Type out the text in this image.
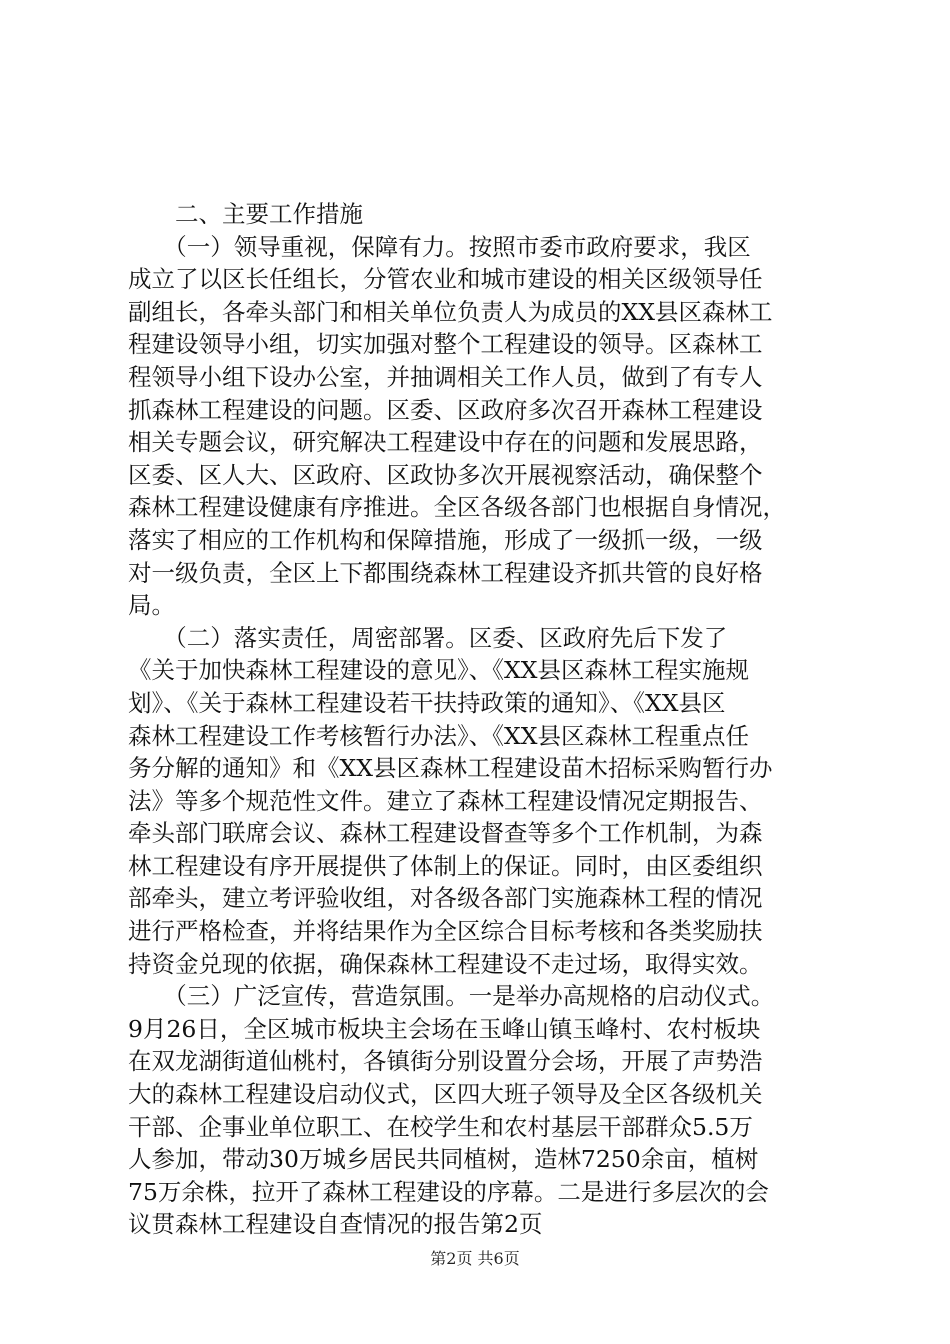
　　二、主要工作措施
　　（一）领导重视，保障有力。按照市委市政府要求，我区
成立了以区长任组长，分管农业和城市建设的相关区级领导任
副组长，各牵头部门和相关单位负责人为成员的XX县区森林工
程建设领导小组，切实加强对整个工程建设的领导。区森林工
程领导小组下设办公室，并抽调相关工作人员，做到了有专人
抓森林工程建设的问题。区委、区政府多次召开森林工程建设
相关专题会议，研究解决工程建设中存在的问题和发展思路，
区委、区人大、区政府、区政协多次开展视察活动，确保整个
森林工程建设健康有序推进。全区各级各部门也根据自身情况，
落实了相应的工作机构和保障措施，形成了一级抓一级，一级
对一级负责，全区上下都围绕森林工程建设齐抓共管的良好格
局。
　　（二）落实责任，周密部署。区委、区政府先后下发了
《关于加快森林工程建设的意见》、《XX县区森林工程实施规
划》、《关于森林工程建设若干扶持政策的通知》、《XX县区
森林工程建设工作考核暂行办法》、《XX县区森林工程重点任
务分解的通知》和《XX县区森林工程建设苗木招标采购暂行办
法》等多个规范性文件。建立了森林工程建设情况定期报告、
牵头部门联席会议、森林工程建设督查等多个工作机制，为森
林工程建设有序开展提供了体制上的保证。同时，由区委组织
部牵头，建立考评验收组，对各级各部门实施森林工程的情况
进行严格检查，并将结果作为全区综合目标考核和各类奖励扶
持资金兑现的依据，确保森林工程建设不走过场，取得实效。
　　（三）广泛宣传，营造氛围。一是举办高规格的启动仪式。
9月26日，全区城市板块主会场在玉峰山镇玉峰村、农村板块
在双龙湖街道仙桃村，各镇街分别设置分会场，开展了声势浩
大的森林工程建设启动仪式，区四大班子领导及全区各级机关
干部、企事业单位职工、在校学生和农村基层干部群众5.5万
人参加，带动30万城乡居民共同植树，造林7250余亩，植树
75万余株，拉开了森林工程建设的序幕。二是进行多层次的会
议贯森林工程建设自查情况的报告第2页
第2页 共6页
